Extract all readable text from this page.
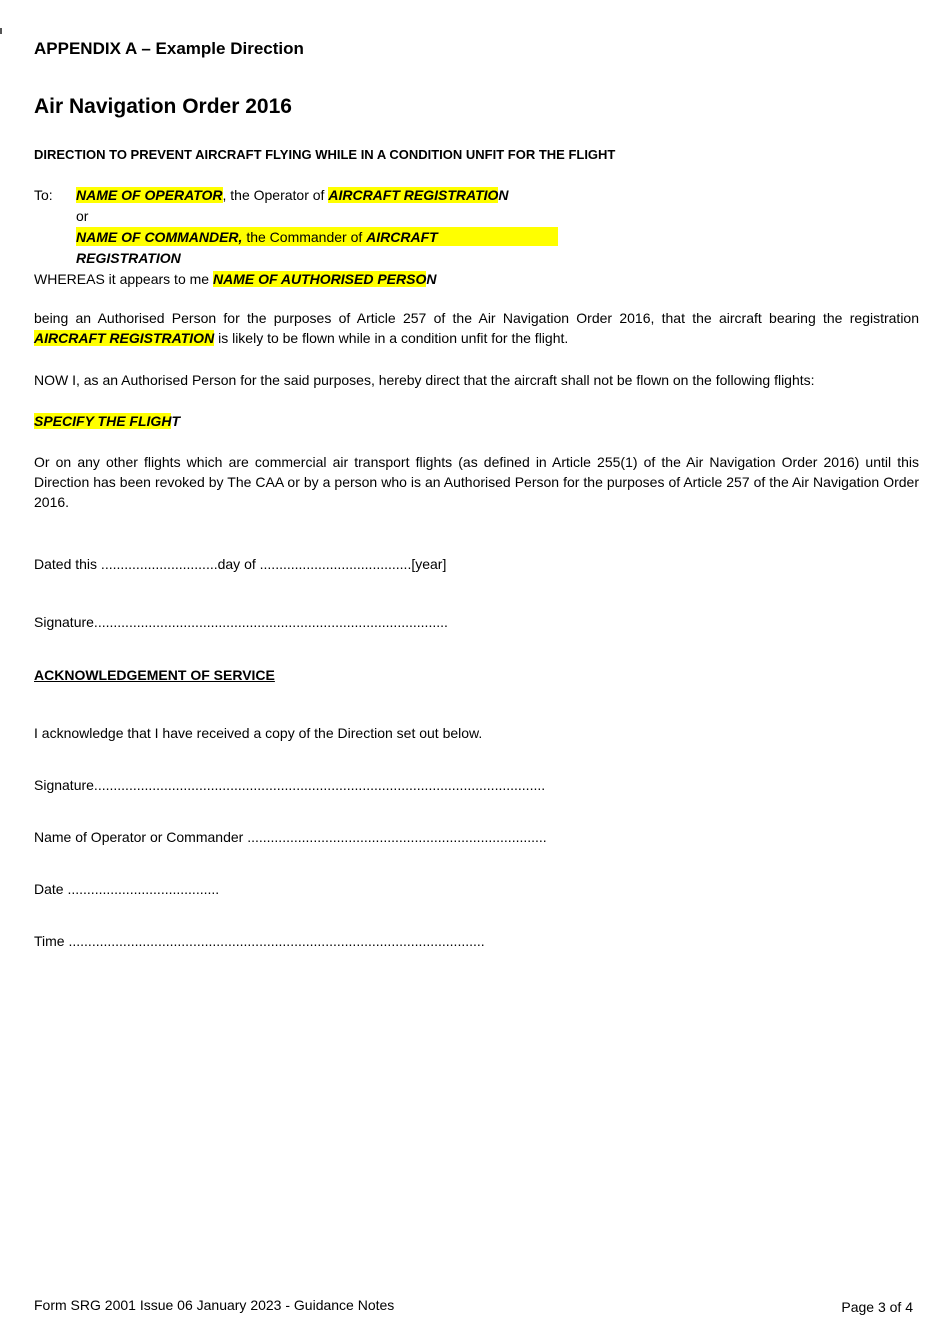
APPENDIX A – Example Direction
Air Navigation Order 2016
DIRECTION TO PREVENT AIRCRAFT FLYING WHILE IN A CONDITION UNFIT FOR THE FLIGHT
To: NAME OF OPERATOR, the Operator of AIRCRAFT REGISTRATION
or
NAME OF COMMANDER, the Commander of AIRCRAFT
REGISTRATION
WHEREAS it appears to me NAME OF AUTHORISED PERSON
being an Authorised Person for the purposes of Article 257 of the Air Navigation Order 2016, that the aircraft bearing the registration AIRCRAFT REGISTRATION is likely to be flown while in a condition unfit for the flight.
NOW I, as an Authorised Person for the said purposes, hereby direct that the aircraft shall not be flown on the following flights:
SPECIFY THE FLIGHT
Or on any other flights which are commercial air transport flights (as defined in Article 255(1) of the Air Navigation Order 2016) until this Direction has been revoked by The CAA or by a person who is an Authorised Person for the purposes of Article 257 of the Air Navigation Order 2016.
Dated this ..............................day of .......................................[year]
Signature...........................................................................................
ACKNOWLEDGEMENT OF SERVICE
I acknowledge that I have received a copy of the Direction set out below.
Signature....................................................................................................................
Name of Operator or Commander .............................................................................
Date .......................................
Time ...........................................................................................................
Form SRG 2001 Issue 06 January 2023 - Guidance Notes	Page 3 of 4
